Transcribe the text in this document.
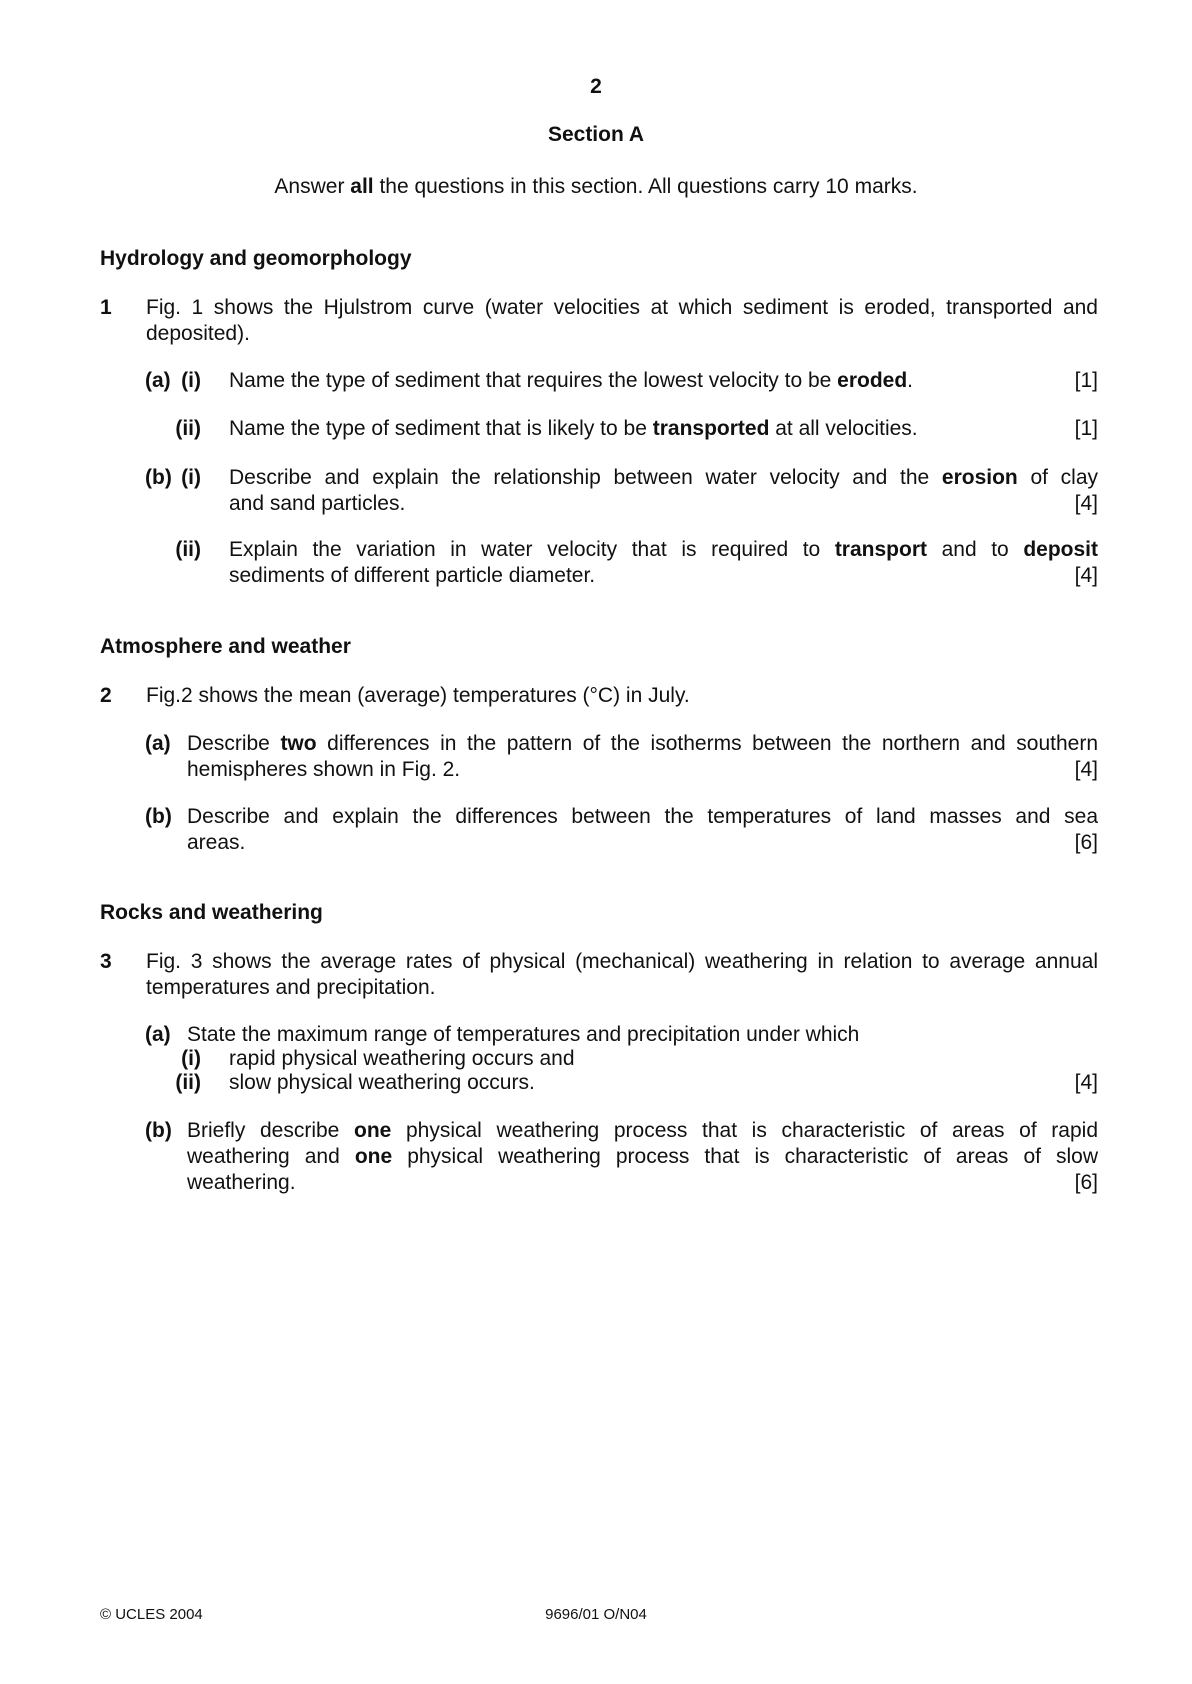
2
Section A
Answer all the questions in this section. All questions carry 10 marks.
Hydrology and geomorphology
1 Fig. 1 shows the Hjulstrom curve (water velocities at which sediment is eroded, transported and deposited).
(a) (i)	[1]
Name the type of sediment that requires the lowest velocity to be eroded.
(ii)	[1]
Name the type of sediment that is likely to be transported at all velocities.
(b) (i) Describe and explain the relationship between water velocity and the erosion of clay
[4]
and sand particles.
(ii) Explain the variation in water velocity that is required to transport and to deposit
[4]
sediments of different particle diameter.
Atmosphere and weather
2 Fig.2 shows the mean (average) temperatures (°C) in July.
(a) Describe two differences in the pattern of the isotherms between the northern and southern
[4]
hemispheres shown in Fig. 2.
(b) Describe and explain the differences between the temperatures of land masses and sea
[6]
areas.
Rocks and weathering
3 Fig. 3 shows the average rates of physical (mechanical) weathering in relation to average annual
temperatures and precipitation.
(a) State the maximum range of temperatures and precipitation under which
(i) rapid physical weathering occurs and
(ii)	[4]
slow physical weathering occurs.
(b) Briefly describe one physical weathering process that is characteristic of areas of rapid
weathering and one physical weathering process that is characteristic of areas of slow
[6]
weathering.
© UCLES 2004	9696/01 O/N04
